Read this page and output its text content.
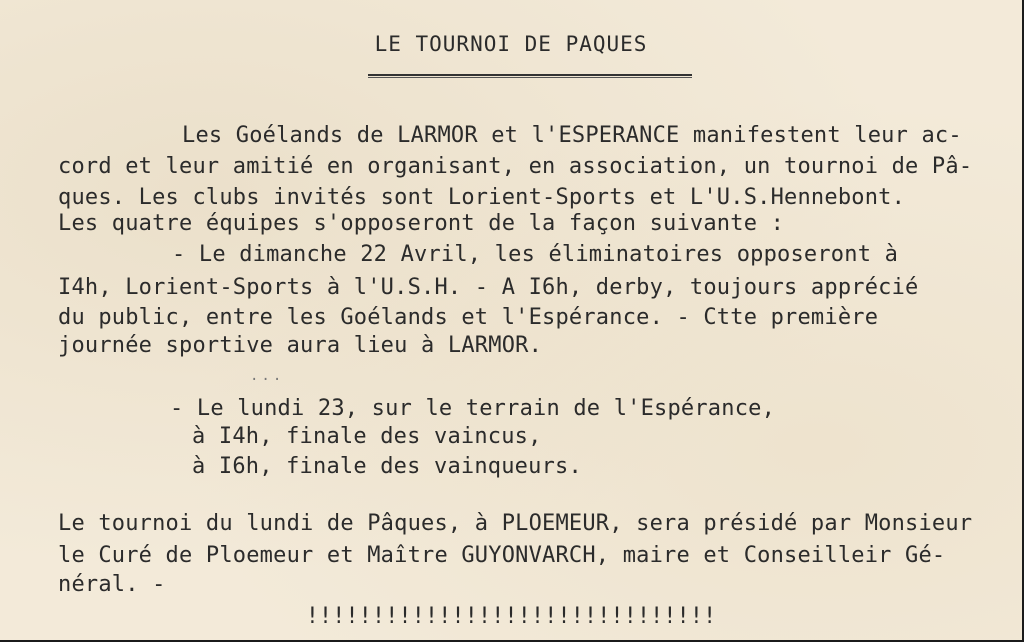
LE TOURNOI DE PAQUES
Les Goélands de LARMOR et l'ESPERANCE manifestent leur ac-
cord et leur amitié en organisant, en association, un tournoi de Pâ-
ques. Les clubs invités sont Lorient-Sports et L'U.S.Hennebont.
Les quatre équipes s'opposeront de la façon suivante :
- Le dimanche 22 Avril, les éliminatoires opposeront à
I4h, Lorient-Sports à l'U.S.H. - A I6h, derby, toujours apprécié
du public, entre les Goélands et l'Espérance. - Ctte première
journée sportive aura lieu à LARMOR.
...
- Le lundi 23, sur le terrain de l'Espérance,
à I4h, finale des vaincus,
à I6h, finale des vainqueurs.
Le tournoi du lundi de Pâques, à PLOEMEUR, sera présidé par Monsieur
le Curé de Ploemeur et Maître GUYONVARCH, maire et Conseilleir Gé-
néral. -
!!!!!!!!!!!!!!!!!!!!!!!!!!!!!!!
